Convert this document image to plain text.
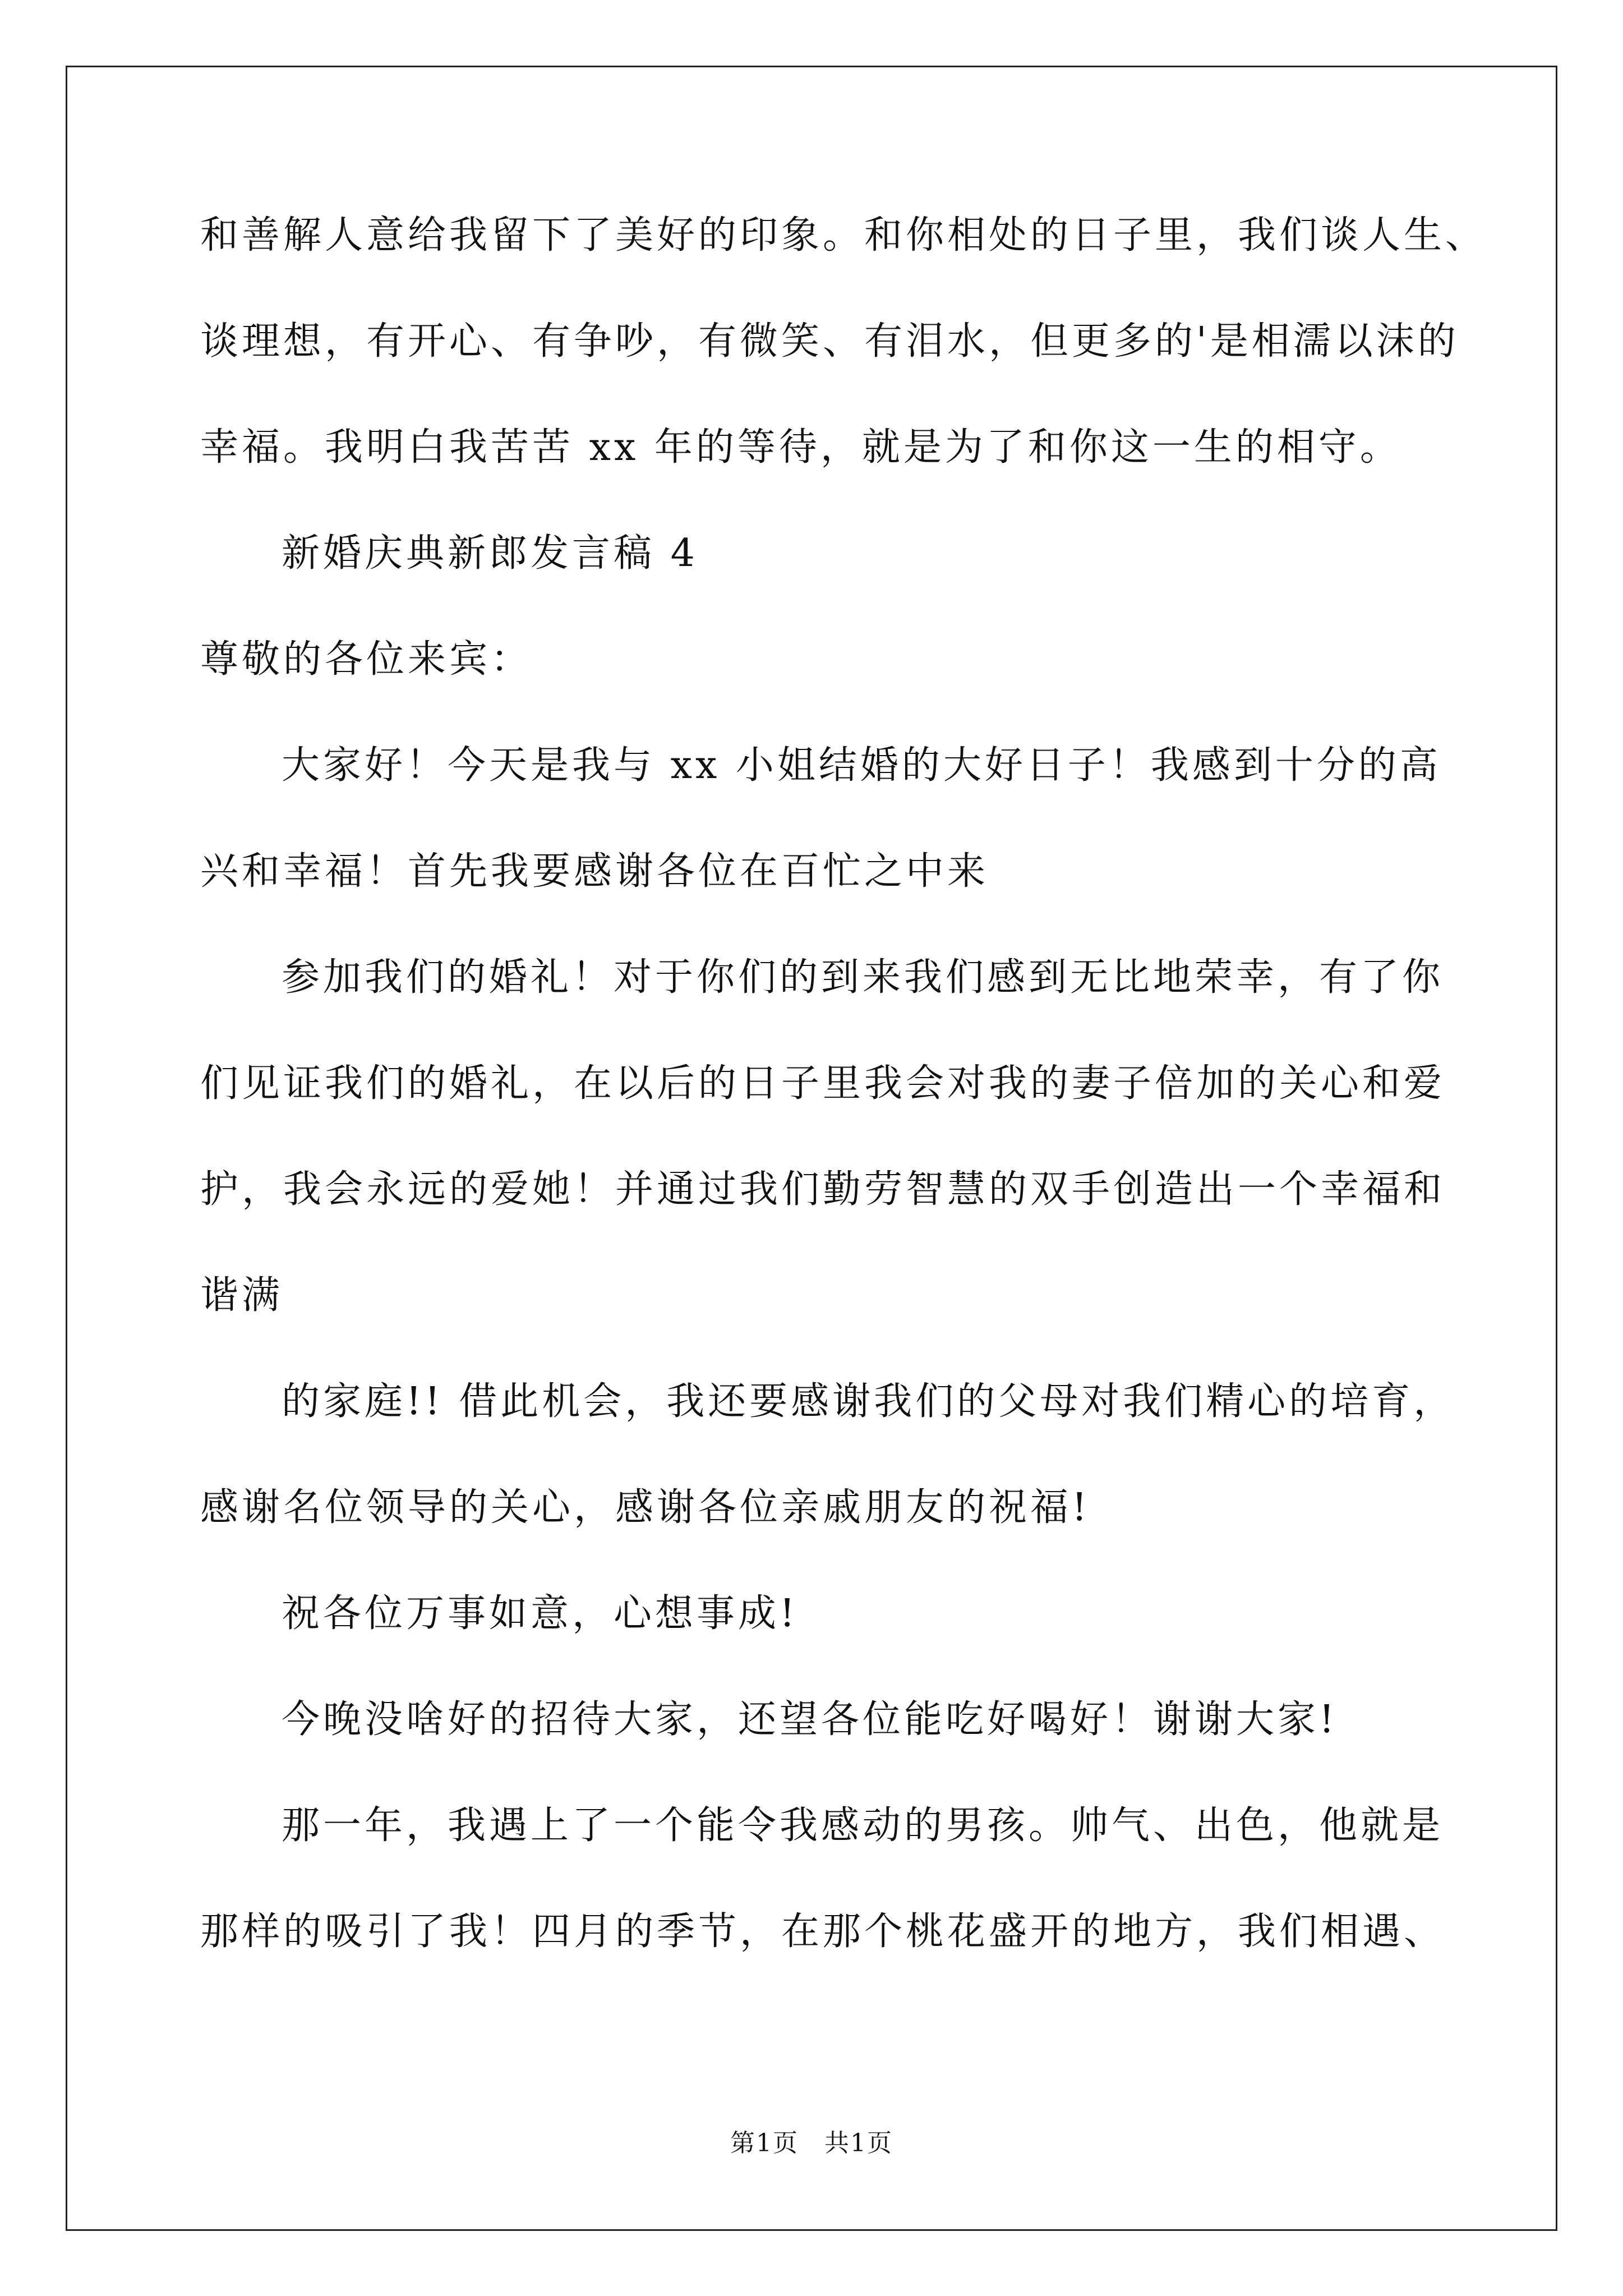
和善解人意给我留下了美好的印象。和你相处的日子里，我们谈人生、
谈理想，有开心、有争吵，有微笑、有泪水，但更多的'是相濡以沫的
幸福。我明白我苦苦 xx 年的等待，就是为了和你这一生的相守。
新婚庆典新郎发言稿 4
尊敬的各位来宾：
大家好！今天是我与 xx 小姐结婚的大好日子！我感到十分的高
兴和幸福！首先我要感谢各位在百忙之中来
参加我们的婚礼！对于你们的到来我们感到无比地荣幸，有了你
们见证我们的婚礼，在以后的日子里我会对我的妻子倍加的关心和爱
护，我会永远的爱她！并通过我们勤劳智慧的双手创造出一个幸福和
谐满
的家庭!! 借此机会，我还要感谢我们的父母对我们精心的培育，
感谢名位领导的关心，感谢各位亲戚朋友的祝福!
祝各位万事如意，心想事成!
今晚没啥好的招待大家，还望各位能吃好喝好！谢谢大家!
那一年，我遇上了一个能令我感动的男孩。帅气、出色，他就是
那样的吸引了我！四月的季节，在那个桃花盛开的地方，我们相遇、
第1页　共1页
